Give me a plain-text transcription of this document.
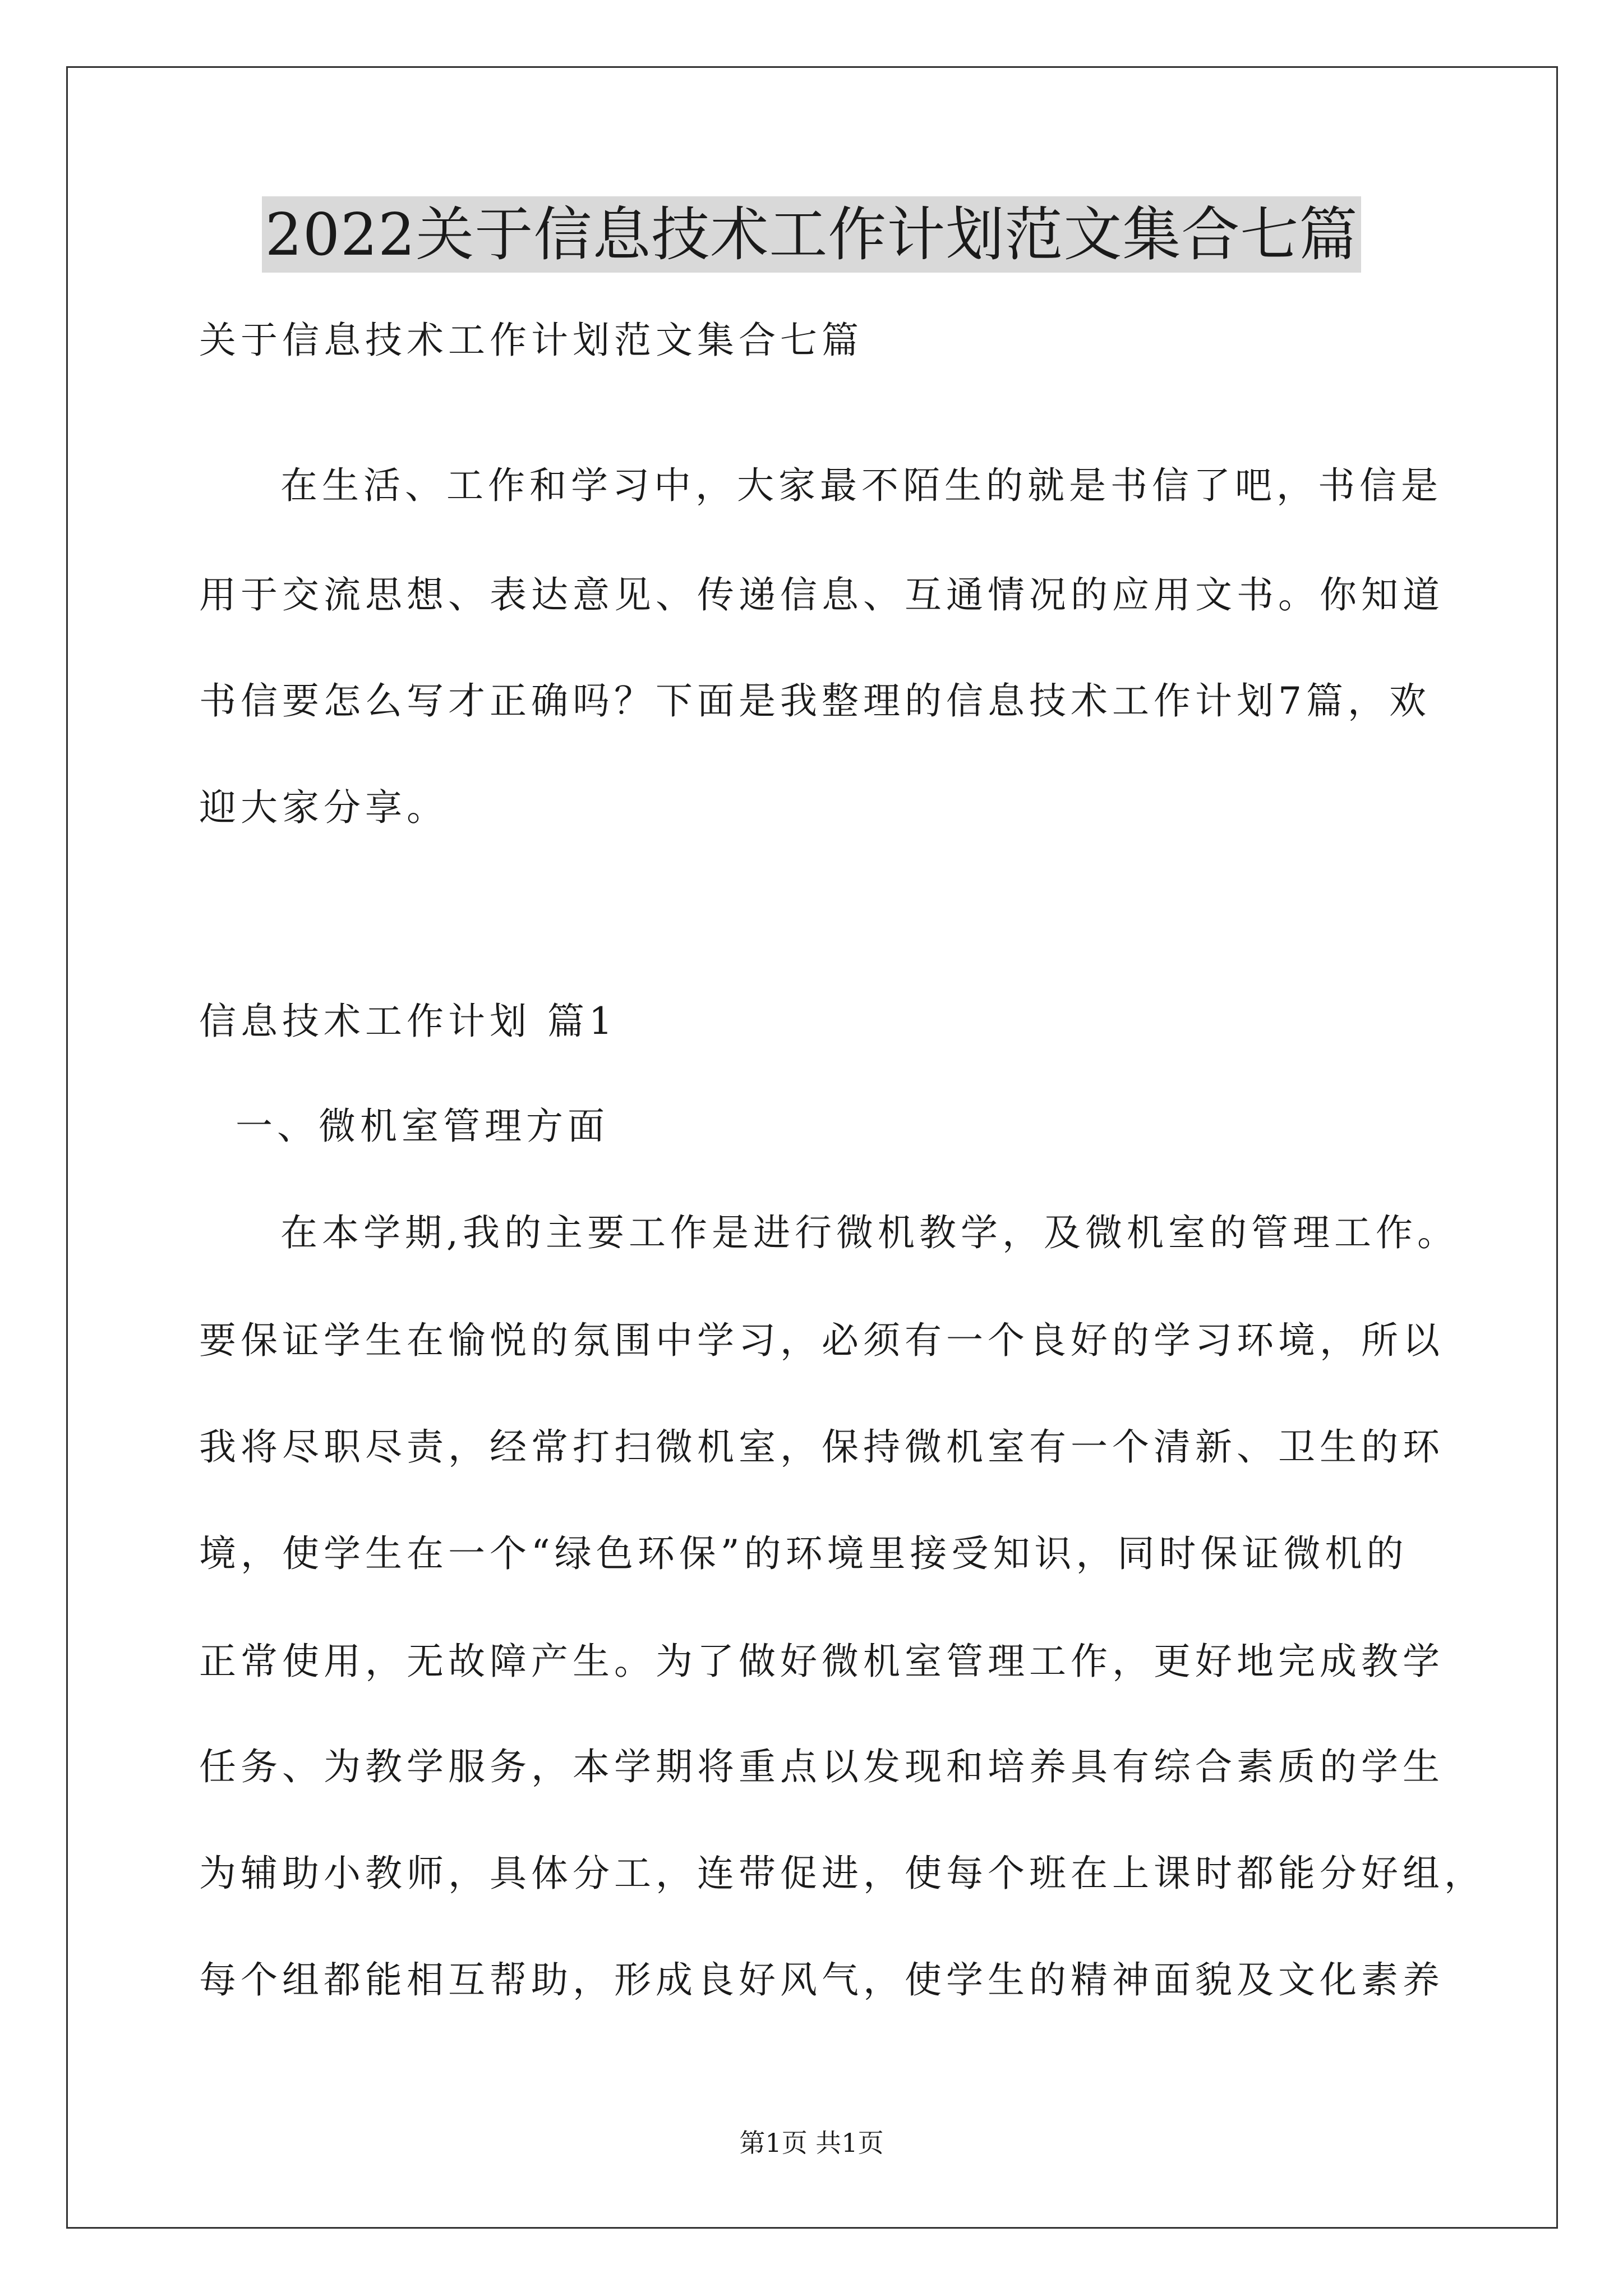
2022关于信息技术工作计划范文集合七篇
关于信息技术工作计划范文集合七篇
在生活、工作和学习中，大家最不陌生的就是书信了吧，书信是
用于交流思想、表达意见、传递信息、互通情况的应用文书。你知道
书信要怎么写才正确吗？下面是我整理的信息技术工作计划7篇，欢
迎大家分享。
信息技术工作计划 篇1
一、微机室管理方面
在本学期,我的主要工作是进行微机教学，及微机室的管理工作。
要保证学生在愉悦的氛围中学习，必须有一个良好的学习环境，所以
我将尽职尽责，经常打扫微机室，保持微机室有一个清新、卫生的环
境，使学生在一个“绿色环保”的环境里接受知识，同时保证微机的
正常使用，无故障产生。为了做好微机室管理工作，更好地完成教学
任务、为教学服务，本学期将重点以发现和培养具有综合素质的学生
为辅助小教师，具体分工，连带促进，使每个班在上课时都能分好组，
每个组都能相互帮助，形成良好风气，使学生的精神面貌及文化素养
第1页 共1页
